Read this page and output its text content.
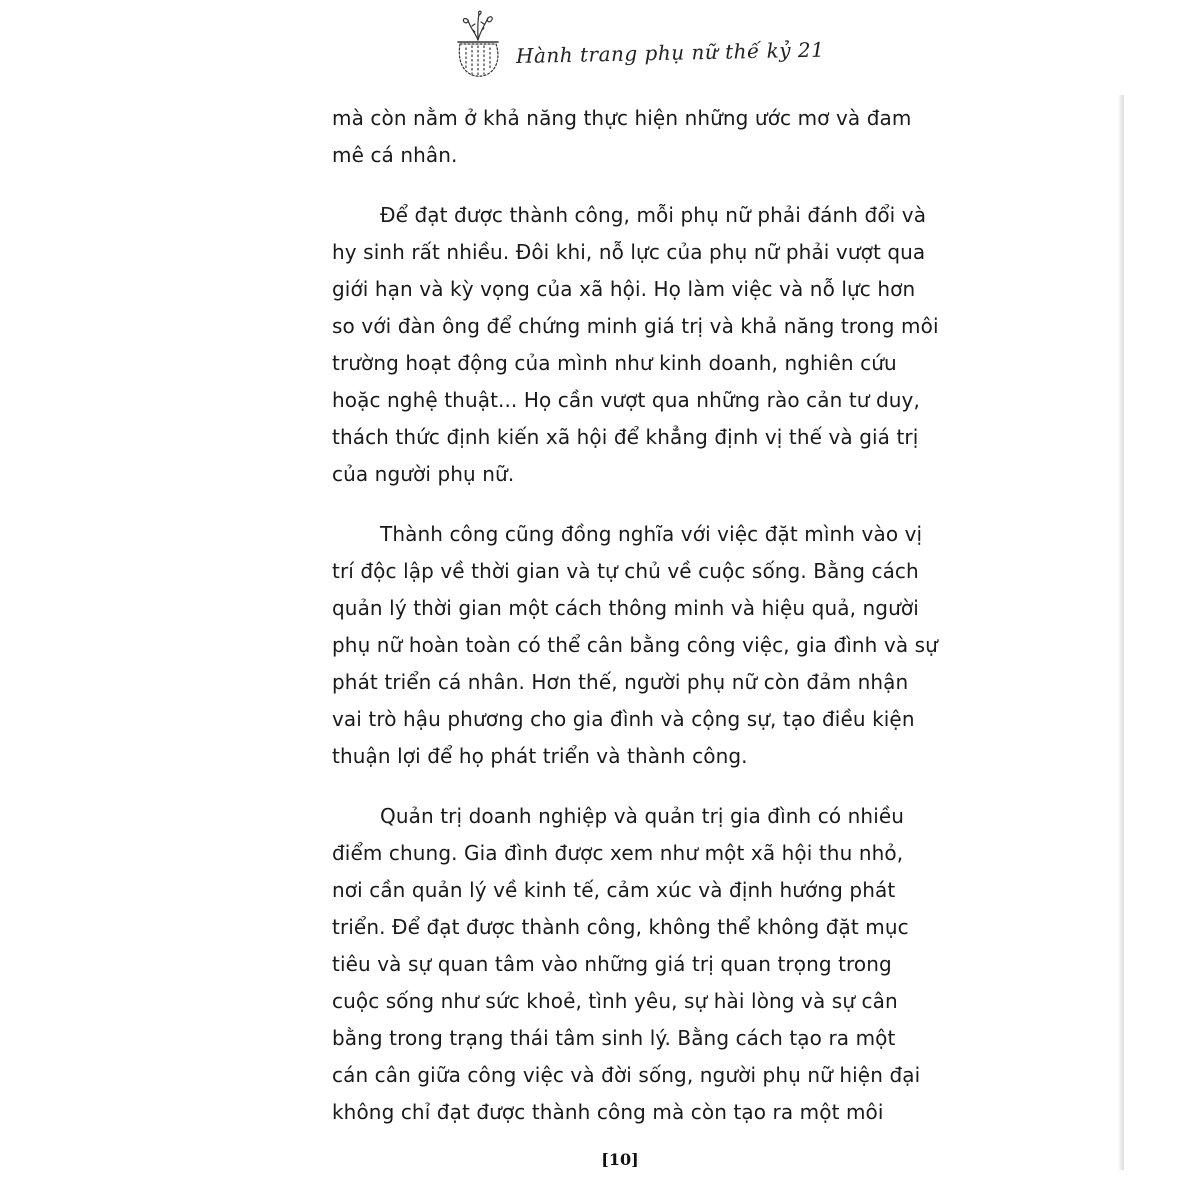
Hành trang phụ nữ thế kỷ 21
mà còn nằm ở khả năng thực hiện những ước mơ và đam
mê cá nhân.
Để đạt được thành công, mỗi phụ nữ phải đánh đổi và
hy sinh rất nhiều. Đôi khi, nỗ lực của phụ nữ phải vượt qua
giới hạn và kỳ vọng của xã hội. Họ làm việc và nỗ lực hơn
so với đàn ông để chứng minh giá trị và khả năng trong môi
trường hoạt động của mình như kinh doanh, nghiên cứu
hoặc nghệ thuật... Họ cần vượt qua những rào cản tư duy,
thách thức định kiến xã hội để khẳng định vị thế và giá trị
của người phụ nữ.
Thành công cũng đồng nghĩa với việc đặt mình vào vị
trí độc lập về thời gian và tự chủ về cuộc sống. Bằng cách
quản lý thời gian một cách thông minh và hiệu quả, người
phụ nữ hoàn toàn có thể cân bằng công việc, gia đình và sự
phát triển cá nhân. Hơn thế, người phụ nữ còn đảm nhận
vai trò hậu phương cho gia đình và cộng sự, tạo điều kiện
thuận lợi để họ phát triển và thành công.
Quản trị doanh nghiệp và quản trị gia đình có nhiều
điểm chung. Gia đình được xem như một xã hội thu nhỏ,
nơi cần quản lý về kinh tế, cảm xúc và định hướng phát
triển. Để đạt được thành công, không thể không đặt mục
tiêu và sự quan tâm vào những giá trị quan trọng trong
cuộc sống như sức khoẻ, tình yêu, sự hài lòng và sự cân
bằng trong trạng thái tâm sinh lý. Bằng cách tạo ra một
cán cân giữa công việc và đời sống, người phụ nữ hiện đại
không chỉ đạt được thành công mà còn tạo ra một môi
[10]
